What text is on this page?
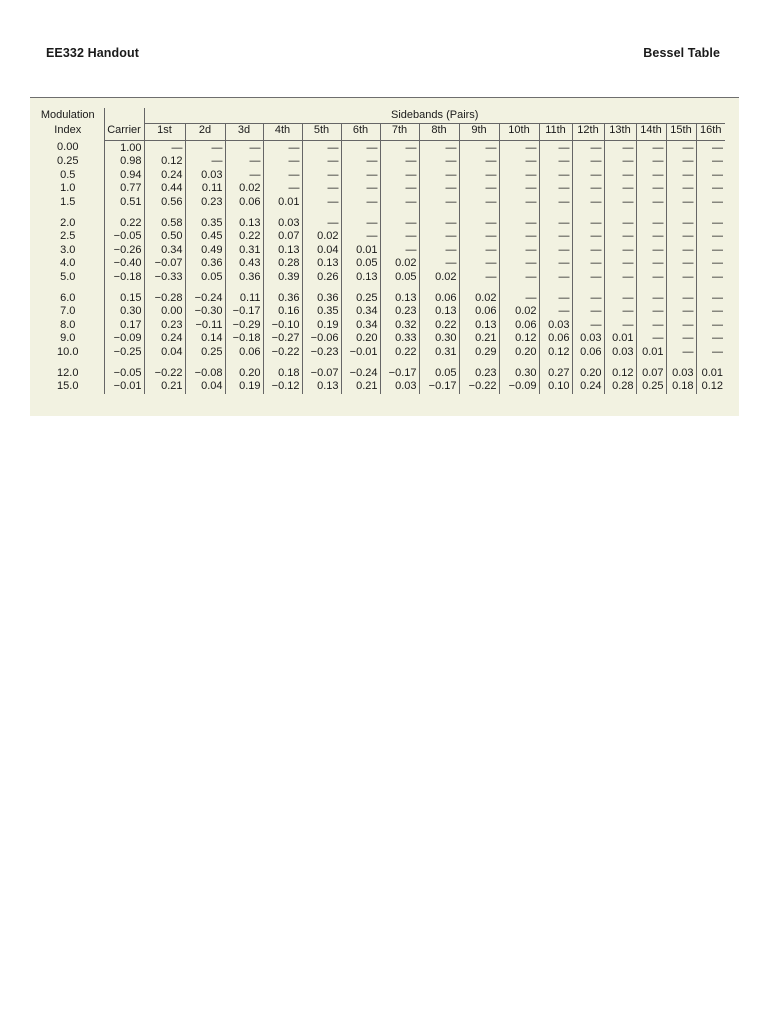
EE332 Handout	Bessel Table
Modulation		Sidebands (Pairs)															
Index	Carrier	1st	2d	3d	4th	5th	6th	7th	8th	9th	10th	11th	12th	13th	14th	15th	16th
0.00	1.00	—	—	—	—	—	—	—	—	—	—	—	—	—	—	—	—
0.25	0.98	0.12	—	—	—	—	—	—	—	—	—	—	—	—	—	—	—
0.5	0.94	0.24	0.03	—	—	—	—	—	—	—	—	—	—	—	—	—	—
1.0	0.77	0.44	0.11	0.02	—	—	—	—	—	—	—	—	—	—	—	—	—
1.5	0.51	0.56	0.23	0.06	0.01	—	—	—	—	—	—	—	—	—	—	—	—
2.0	0.22	0.58	0.35	0.13	0.03	—	—	—	—	—	—	—	—	—	—	—	—
2.5	−0.05	0.50	0.45	0.22	0.07	0.02	—	—	—	—	—	—	—	—	—	—	—
3.0	−0.26	0.34	0.49	0.31	0.13	0.04	0.01	—	—	—	—	—	—	—	—	—	—
4.0	−0.40	−0.07	0.36	0.43	0.28	0.13	0.05	0.02	—	—	—	—	—	—	—	—	—
5.0	−0.18	−0.33	0.05	0.36	0.39	0.26	0.13	0.05	0.02	—	—	—	—	—	—	—	—
6.0	0.15	−0.28	−0.24	0.11	0.36	0.36	0.25	0.13	0.06	0.02	—	—	—	—	—	—	—
7.0	0.30	0.00	−0.30	−0.17	0.16	0.35	0.34	0.23	0.13	0.06	0.02	—	—	—	—	—	—
8.0	0.17	0.23	−0.11	−0.29	−0.10	0.19	0.34	0.32	0.22	0.13	0.06	0.03	—	—	—	—	—
9.0	−0.09	0.24	0.14	−0.18	−0.27	−0.06	0.20	0.33	0.30	0.21	0.12	0.06	0.03	0.01	—	—	—
10.0	−0.25	0.04	0.25	0.06	−0.22	−0.23	−0.01	0.22	0.31	0.29	0.20	0.12	0.06	0.03	0.01	—	—
12.0	−0.05	−0.22	−0.08	0.20	0.18	−0.07	−0.24	−0.17	0.05	0.23	0.30	0.27	0.20	0.12	0.07	0.03	0.01
15.0	−0.01	0.21	0.04	0.19	−0.12	0.13	0.21	0.03	−0.17	−0.22	−0.09	0.10	0.24	0.28	0.25	0.18	0.12
